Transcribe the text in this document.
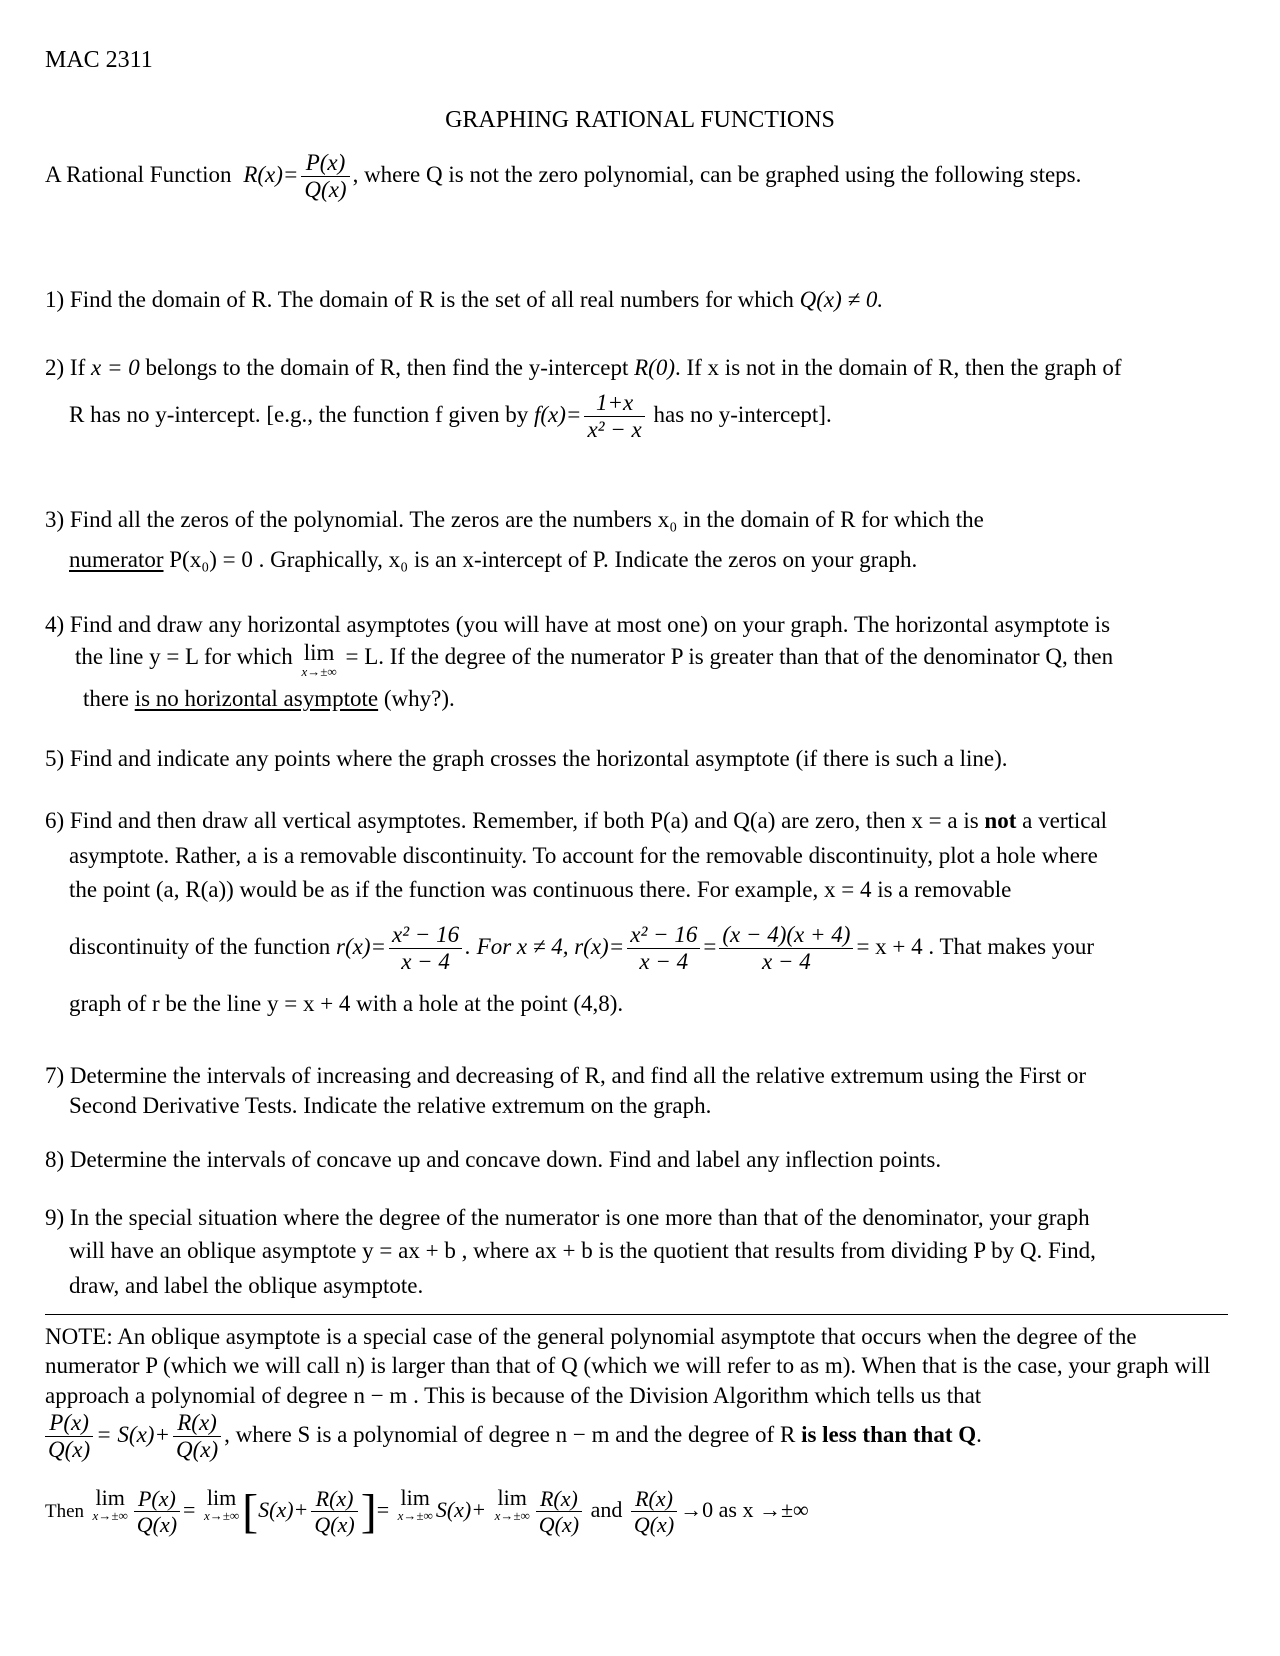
MAC 2311
GRAPHING RATIONAL FUNCTIONS
A Rational Function $R(x)= \frac{P(x)}{Q(x)}$ , where Q is not the zero polynomial, can be graphed using the following steps.
1) Find the domain of R. The domain of R is the set of all real numbers for which Q(x) ≠ 0.
2) If x = 0 belongs to the domain of R, then find the y-intercept R(0). If x is not in the domain of R, then the graph of
R has no y-intercept. [e.g., the function f given by $f(x)= \frac{1+x}{\text{x² − x}}$ has no y-intercept].
3) Find all the zeros of the polynomial. The zeros are the numbers x₀ in the domain of R for which the
numerator P(x₀) = 0 . Graphically, x₀ is an x-intercept of P. Indicate the zeros on your graph.
4) Find and draw any horizontal asymptotes (you will have at most one) on your graph. The horizontal asymptote is
the line y = L for which lim
x→±∞
= L. If the degree of the numerator P is greater than that of the denominator Q, then
there is no horizontal asymptote (why?).
5) Find and indicate any points where the graph crosses the horizontal asymptote (if there is such a line).
6) Find and then draw all vertical asymptotes. Remember, if both P(a) and Q(a) are zero, then x = a is not a vertical
asymptote. Rather, a is a removable discontinuity. To account for the removable discontinuity, plot a hole where
the point (a, R(a)) would be as if the function was continuous there. For example, x = 4 is a removable
discontinuity of the function $r(x)= \frac{\text{x² − 16}}{x - 4}$ . For x ≠ 4, $r(x)= \frac{\text{x² − 16}}{x - 4} = \frac{(x - 4)(x + 4)}{x - 4} = x + 4$ . That makes your
graph of r be the line y = x + 4 with a hole at the point (4,8).
7) Determine the intervals of increasing and decreasing of R, and find all the relative extremum using the First or
Second Derivative Tests. Indicate the relative extremum on the graph.
8) Determine the intervals of concave up and concave down. Find and label any inflection points.
9) In the special situation where the degree of the numerator is one more than that of the denominator, your graph
will have an oblique asymptote y = ax + b , where ax + b is the quotient that results from dividing P by Q. Find,
draw, and label the oblique asymptote.
NOTE: An oblique asymptote is a special case of the general polynomial asymptote that occurs when the degree of the numerator P (which we will call n) is larger than that of Q (which we will refer to as m). When that is the case, your graph will approach a polynomial of degree n − m . This is because of the Division Algorithm which tells us that
$\frac{P(x)}{Q(x)} = S(x)+ \frac{R(x)}{Q(x)}$ , where S is a polynomial of degree n − m and the degree of R is less than that Q.
Then lim
$x\to\pm\infty \frac{P(x)}{Q(x)} = \lim$
x→±∞ [$S(x)+ \frac{R(x)}{Q(x)}$ ]= lim
x→±∞ S(x)+ lim
$x\to\pm\infty \frac{R(x)}{Q(x)}$ and $\frac{R(x)}{Q(x)} \to 0$ as x →±∞
